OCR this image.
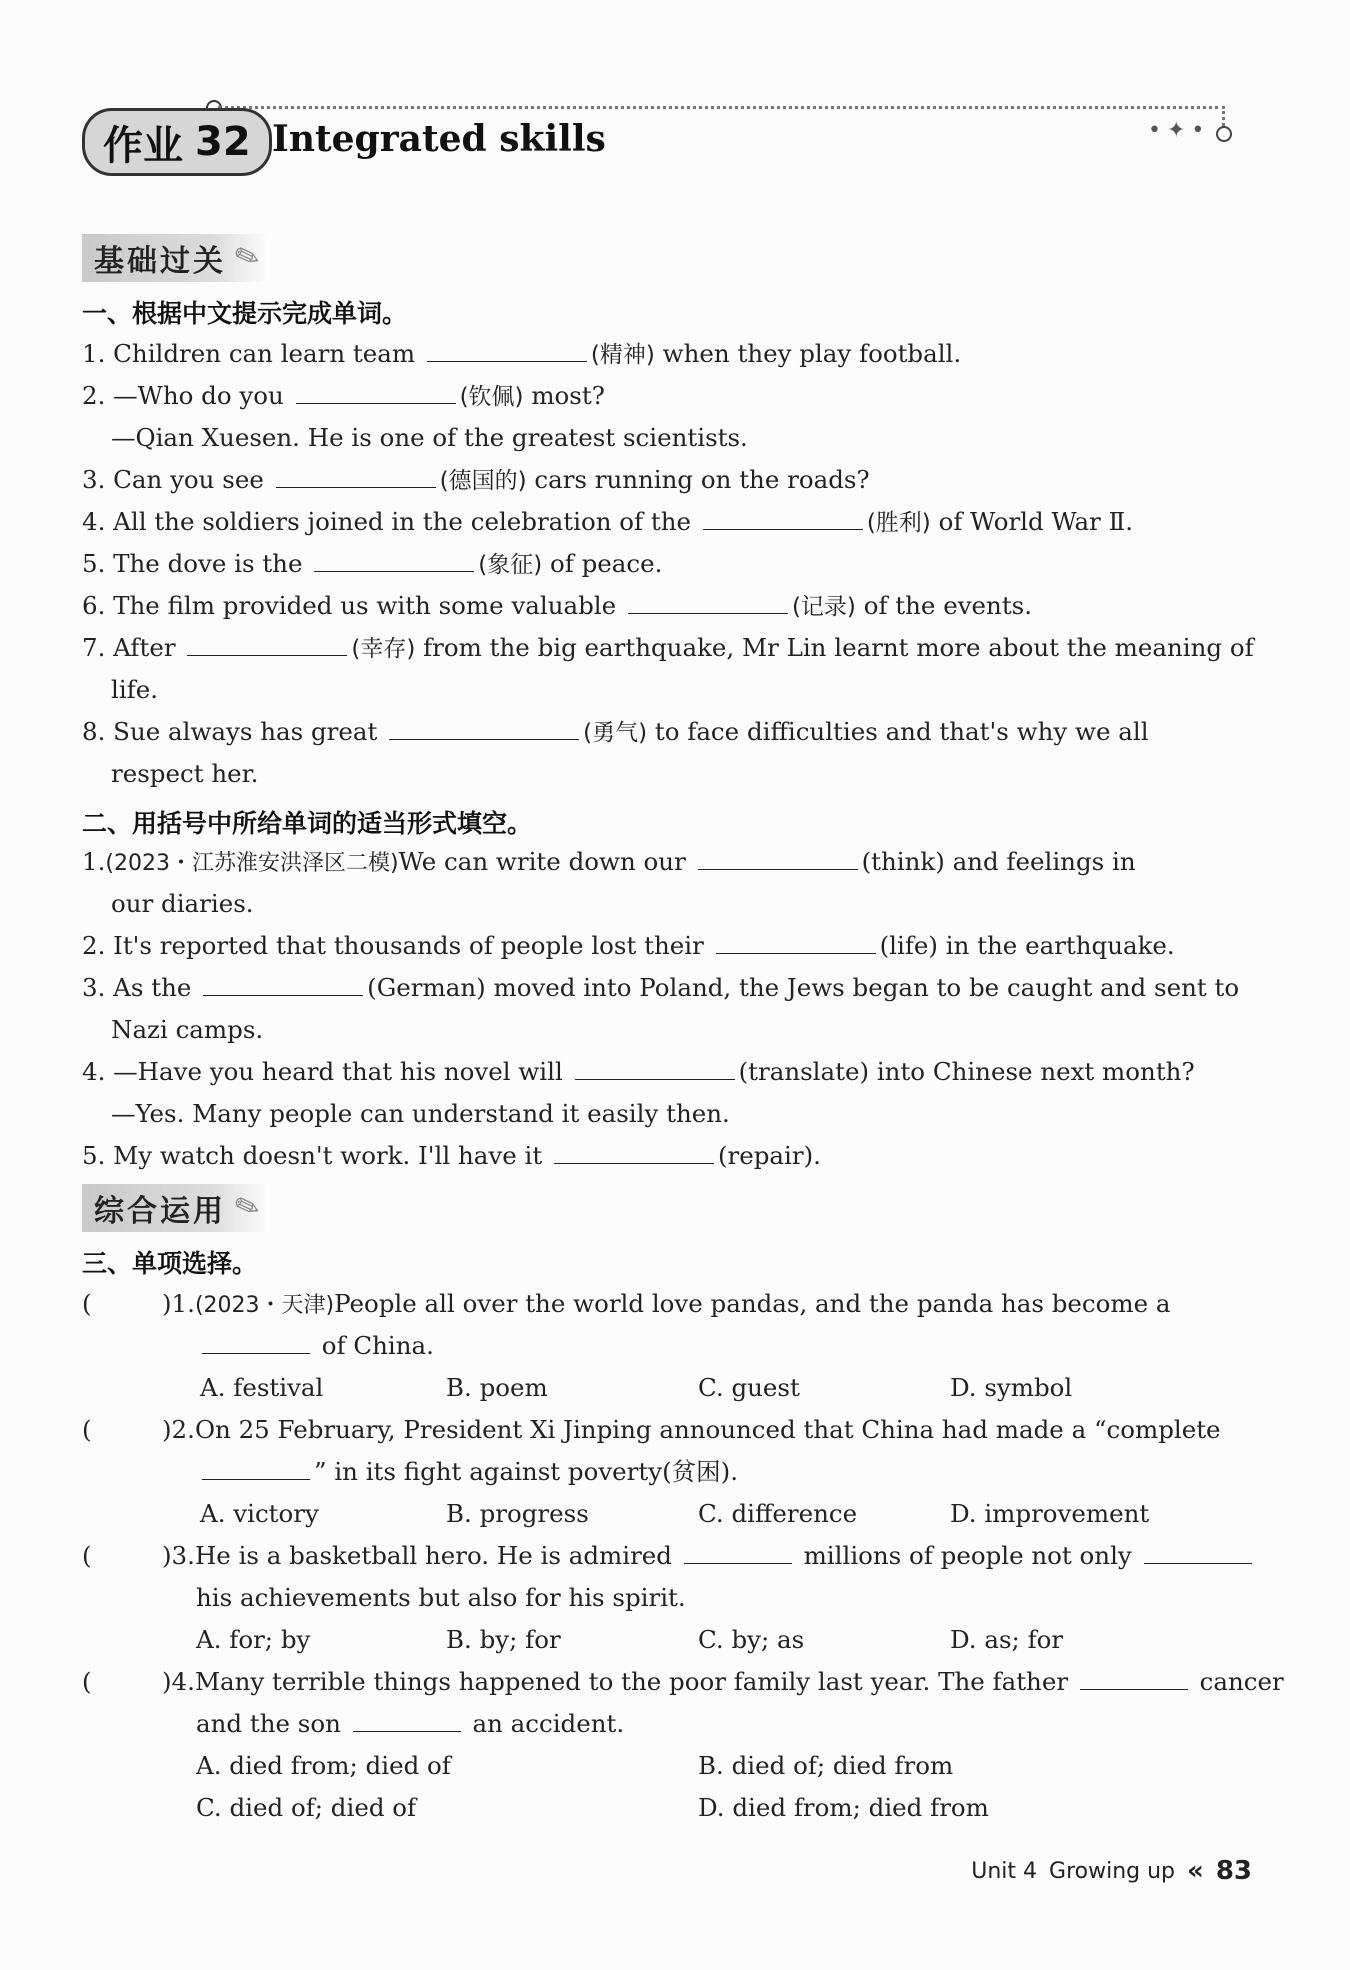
作业 32 Integrated skills	•✦•
基础过关 ✎
一、根据中文提示完成单词。
1. Children can learn team	(精神) when they play football.
2. —Who do you	(钦佩) most?
—Qian Xuesen. He is one of the greatest scientists.
3. Can you see	(德国的) cars running on the roads?
4. All the soldiers joined in the celebration of the	(胜利) of World War Ⅱ.
5. The dove is the	(象征) of peace.
6. The film provided us with some valuable	(记录) of the events.
7. After	(幸存) from the big earthquake, Mr Lin learnt more about the meaning of
life.
8. Sue always has great	(勇气) to face difficulties and that's why we all
respect her.
二、用括号中所给单词的适当形式填空。
1.(2023・江苏淮安洪泽区二模)We can write down our	(think) and feelings in
our diaries.
2. It's reported that thousands of people lost their	(life) in the earthquake.
3. As the	(German) moved into Poland, the Jews began to be caught and sent to
Nazi camps.
4. —Have you heard that his novel will	(translate) into Chinese next month?
—Yes. Many people can understand it easily then.
5. My watch doesn't work. I'll have it	(repair).
综合运用 ✎
三、单项选择。
(	)1.(2023・天津)People all over the world love pandas, and the panda has become a
of China.
A. festival	B. poem	C. guest	D. symbol
(	)2.On 25 February, President Xi Jinping announced that China had made a “complete
” in its fight against poverty(贫困).
A. victory	B. progress	C. difference	D. improvement
(	)3.He is a basketball hero. He is admired	millions of people not only
his achievements but also for his spirit.
A. for; by	B. by; for	C. by; as	D. as; for
(	)4.Many terrible things happened to the poor family last year. The father	cancer
and the son	an accident.
A. died from; died of	B. died of; died from
C. died of; died of	D. died from; died from
Unit 4 Growing up « 83
